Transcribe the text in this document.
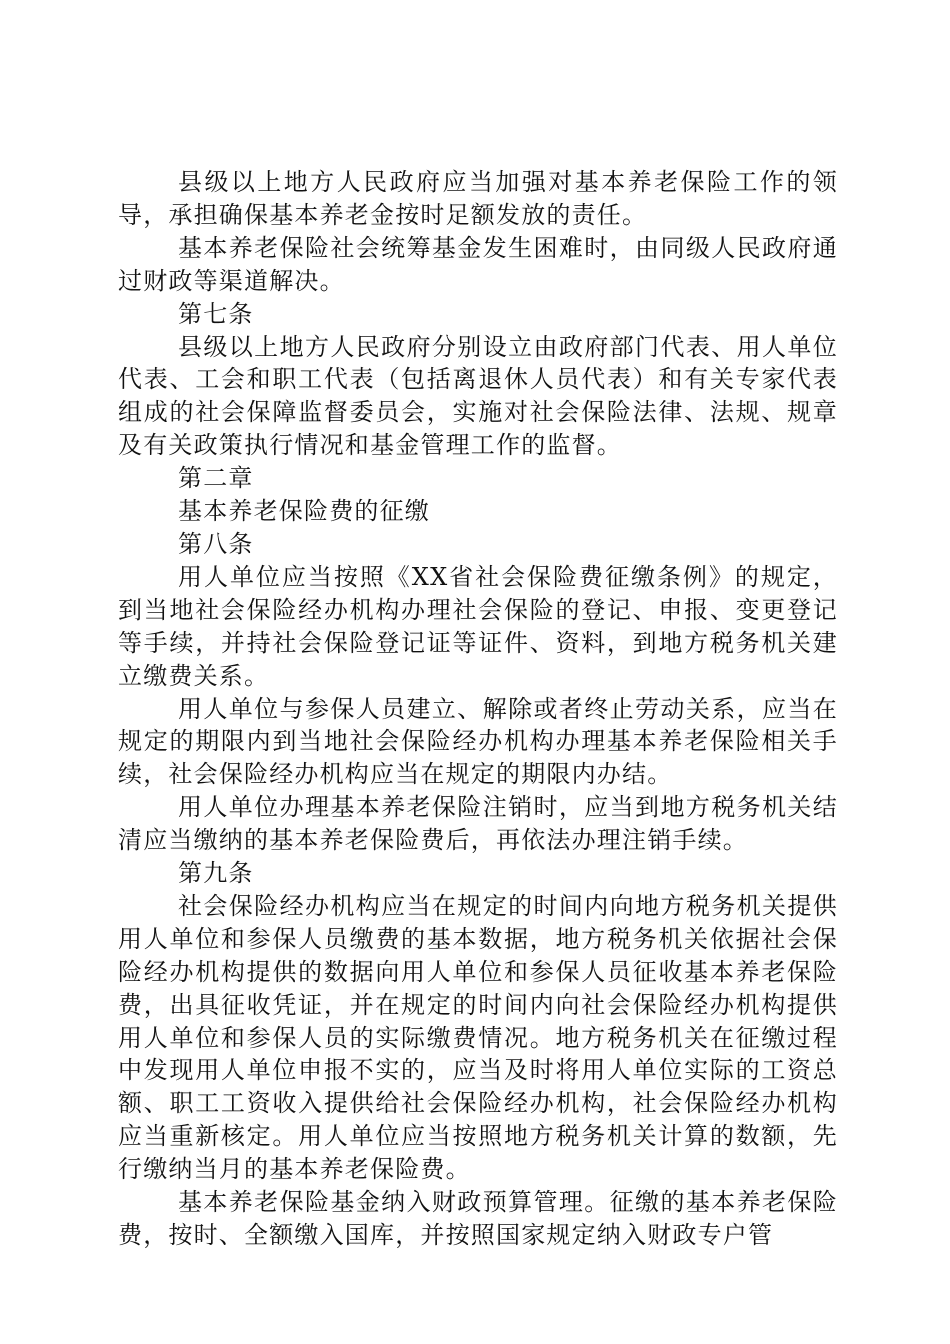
县级以上地方人民政府应当加强对基本养老保险工作的领导，承担确保基本养老金按时足额发放的责任。

基本养老保险社会统筹基金发生困难时，由同级人民政府通过财政等渠道解决。

第七条

县级以上地方人民政府分别设立由政府部门代表、用人单位代表、工会和职工代表（包括离退休人员代表）和有关专家代表组成的社会保障监督委员会，实施对社会保险法律、法规、规章及有关政策执行情况和基金管理工作的监督。

第二章

基本养老保险费的征缴

第八条

用人单位应当按照《XX省社会保险费征缴条例》的规定，到当地社会保险经办机构办理社会保险的登记、申报、变更登记等手续，并持社会保险登记证等证件、资料，到地方税务机关建立缴费关系。

用人单位与参保人员建立、解除或者终止劳动关系，应当在规定的期限内到当地社会保险经办机构办理基本养老保险相关手续，社会保险经办机构应当在规定的期限内办结。

用人单位办理基本养老保险注销时，应当到地方税务机关结清应当缴纳的基本养老保险费后，再依法办理注销手续。

第九条

社会保险经办机构应当在规定的时间内向地方税务机关提供用人单位和参保人员缴费的基本数据，地方税务机关依据社会保险经办机构提供的数据向用人单位和参保人员征收基本养老保险费，出具征收凭证，并在规定的时间内向社会保险经办机构提供用人单位和参保人员的实际缴费情况。地方税务机关在征缴过程中发现用人单位申报不实的，应当及时将用人单位实际的工资总额、职工工资收入提供给社会保险经办机构，社会保险经办机构应当重新核定。用人单位应当按照地方税务机关计算的数额，先行缴纳当月的基本养老保险费。

基本养老保险基金纳入财政预算管理。征缴的基本养老保险费，按时、全额缴入国库，并按照国家规定纳入财政专户管
